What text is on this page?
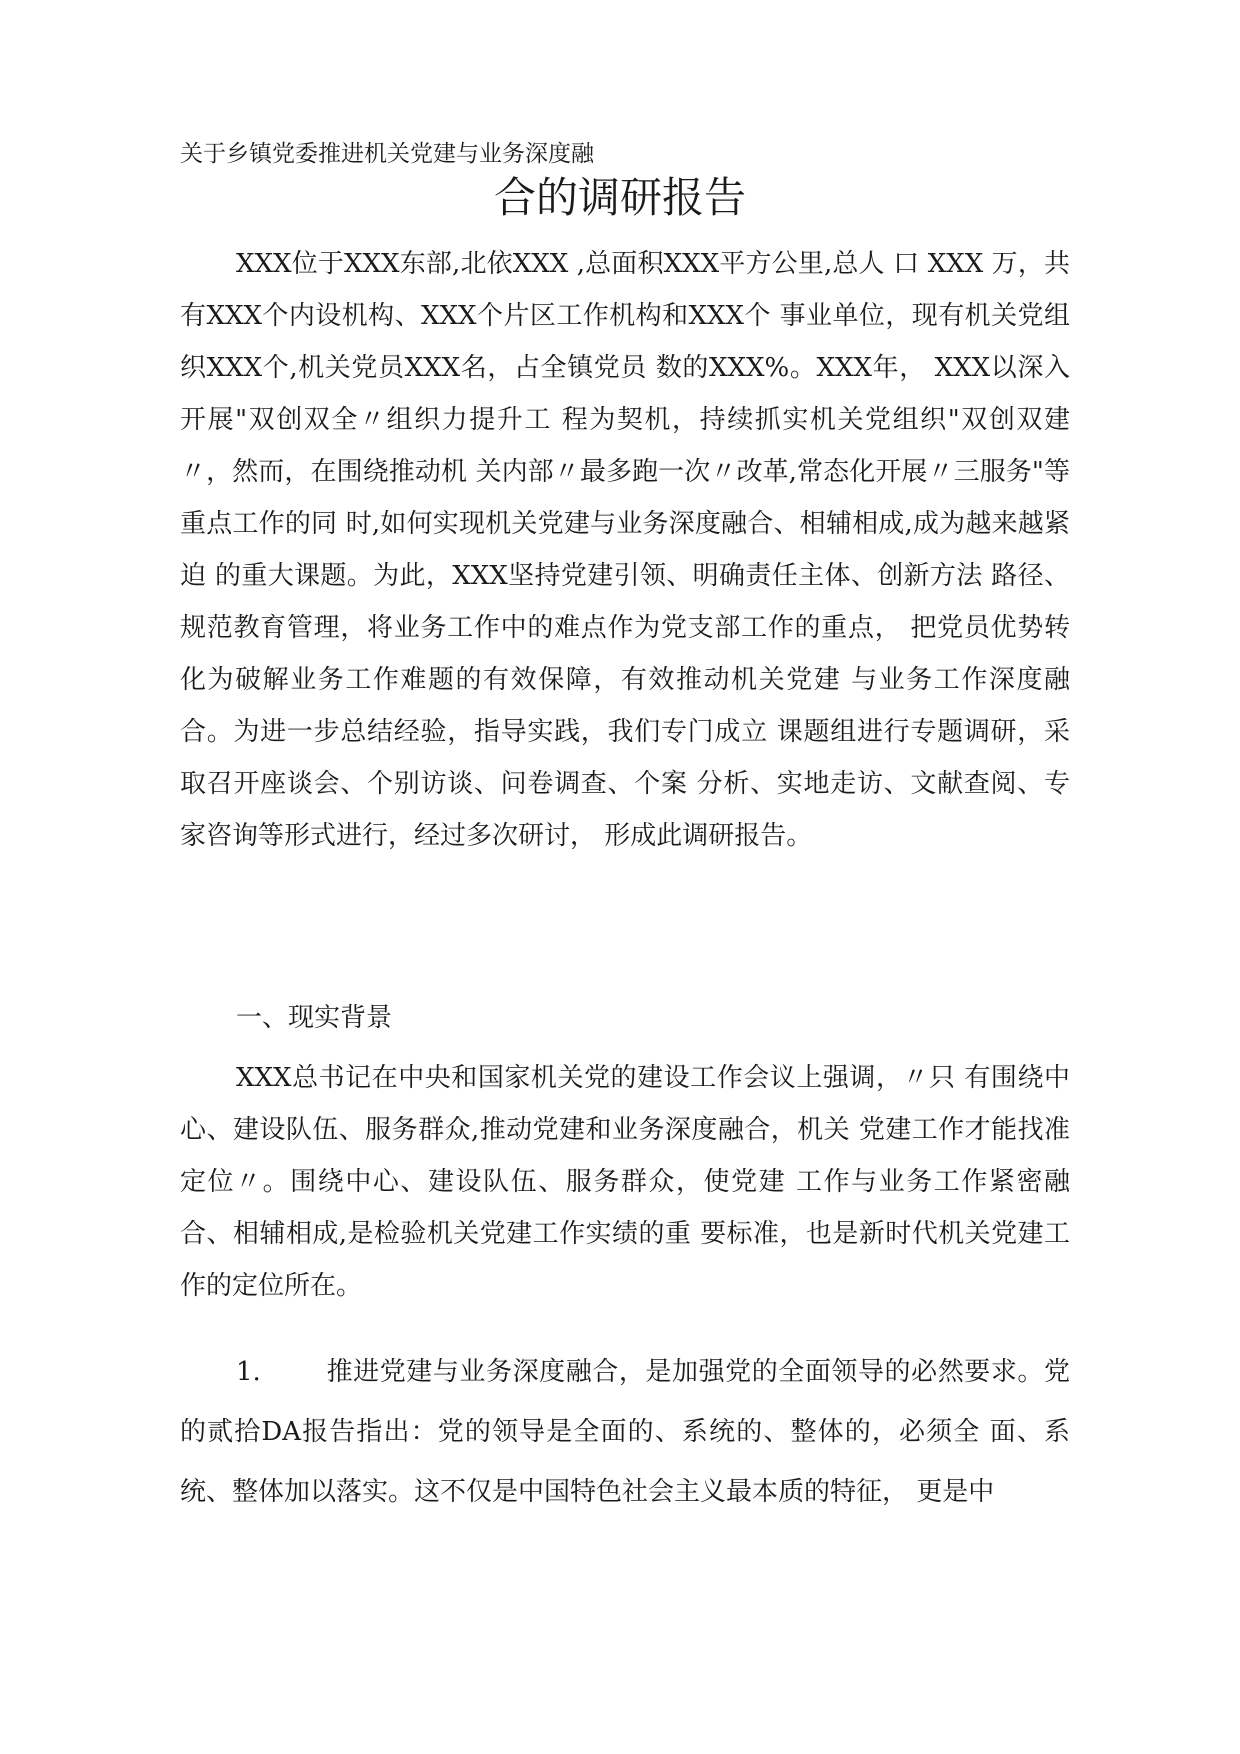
关于乡镇党委推进机关党建与业务深度融
合的调研报告
XXX位于XXX东部,北依XXX ,总面积XXX平方公里,总人 口 XXX 万，共有XXX个内设机构、XXX个片区工作机构和XXX个 事业单位，现有机关党组织XXX个,机关党员XXX名，占全镇党员 数的XXX%。XXX年， XXX以深入开展"双创双全〃组织力提升工 程为契机，持续抓实机关党组织"双创双建〃，然而，在围绕推动机 关内部〃最多跑一次〃改革,常态化开展〃三服务"等重点工作的同 时,如何实现机关党建与业务深度融合、相辅相成,成为越来越紧迫 的重大课题。为此，XXX坚持党建引领、明确责任主体、创新方法 路径、规范教育管理，将业务工作中的难点作为党支部工作的重点， 把党员优势转化为破解业务工作难题的有效保障，有效推动机关党建 与业务工作深度融合。为进一步总结经验，指导实践，我们专门成立 课题组进行专题调研，采取召开座谈会、个别访谈、问卷调查、个案 分析、实地走访、文献查阅、专家咨询等形式进行，经过多次研讨， 形成此调研报告。
一、现实背景
XXX总书记在中央和国家机关党的建设工作会议上强调，〃只 有围绕中心、建设队伍、服务群众,推动党建和业务深度融合，机关 党建工作才能找准定位〃。围绕中心、建设队伍、服务群众，使党建 工作与业务工作紧密融合、相辅相成,是检验机关党建工作实绩的重 要标准，也是新时代机关党建工作的定位所在。
1.	推进党建与业务深度融合，是加强党的全面领导的必然要求。党的贰拾DA报告指出：党的领导是全面的、系统的、整体的，必须全 面、系统、整体加以落实。这不仅是中国特色社会主义最本质的特征， 更是中
